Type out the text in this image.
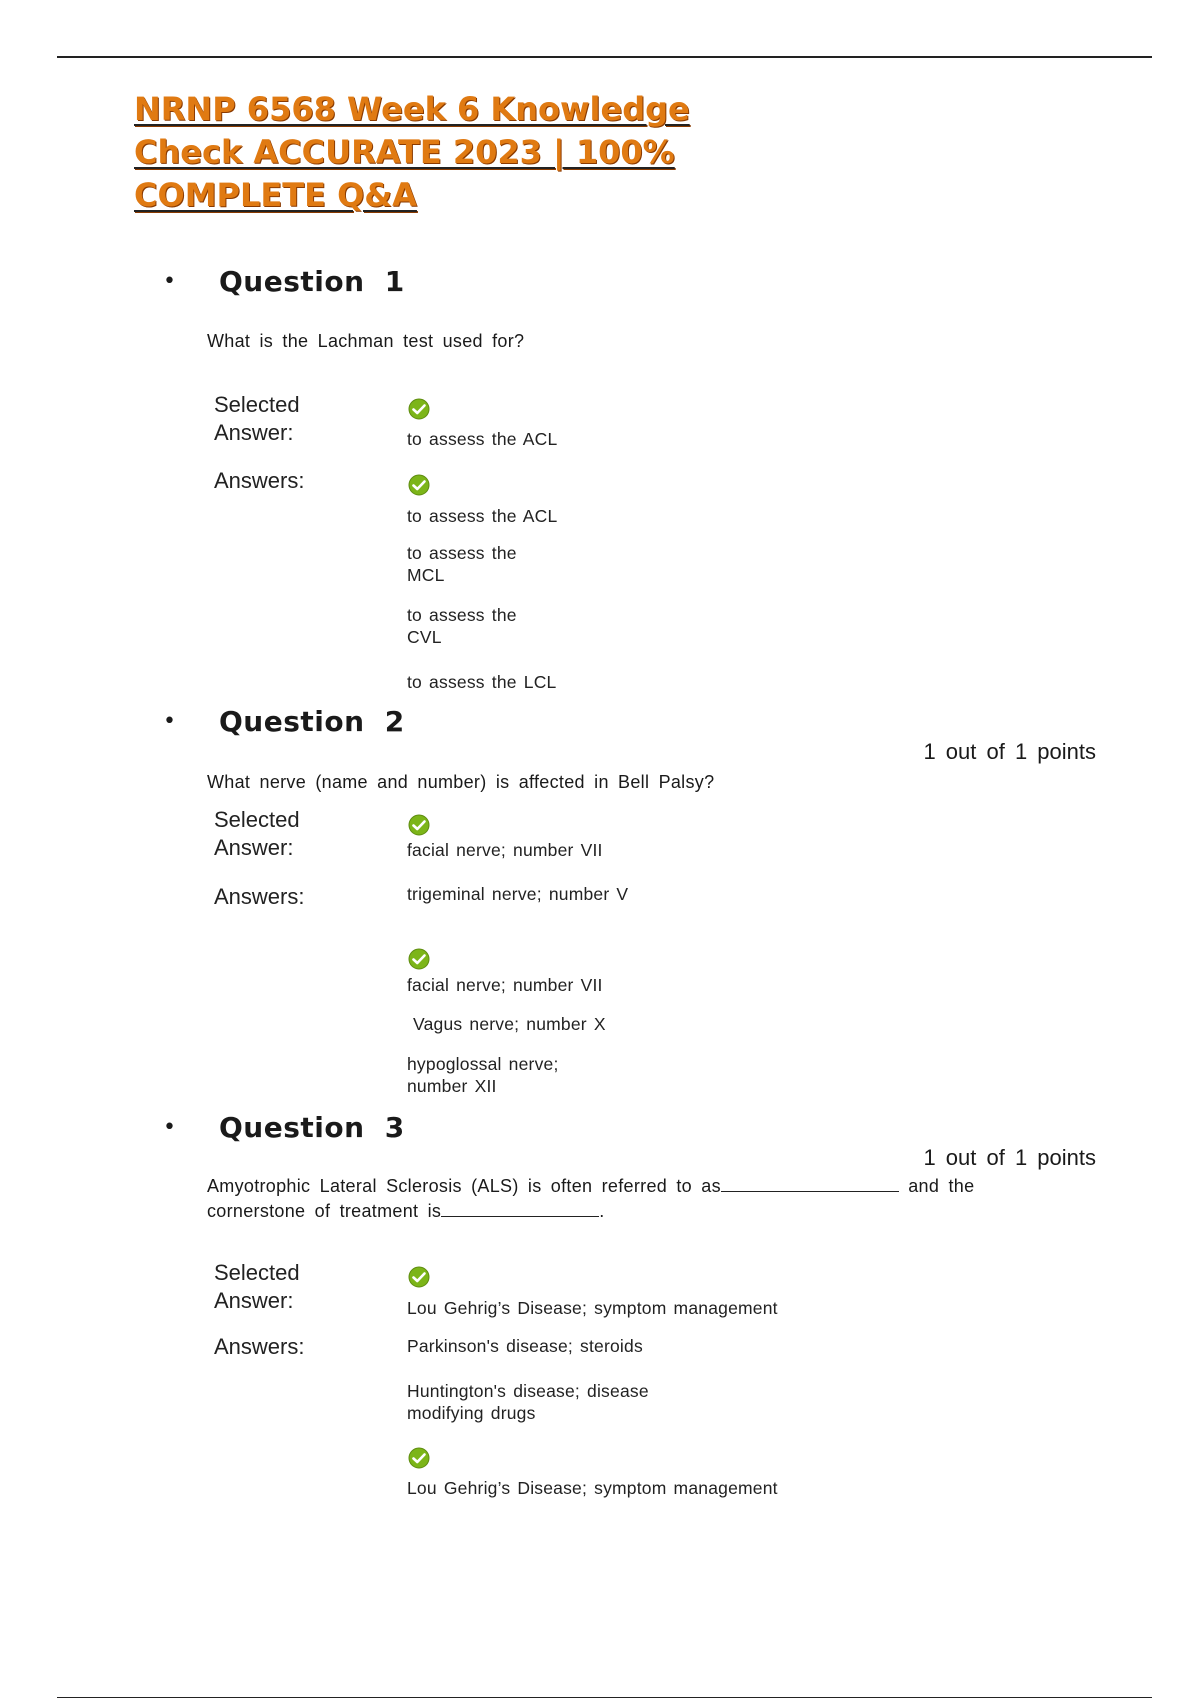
NRNP 6568 Week 6 Knowledge Check ACCURATE 2023 | 100% COMPLETE Q&A
•	Question 1
What is the Lachman test used for?
Selected Answer:	to assess the ACL
Answers:
to assess the ACL
to assess the MCL
to assess the CVL
to assess the LCL
•	Question 2
1 out of 1 points
What nerve (name and number) is affected in Bell Palsy?
Selected Answer:	facial nerve; number VII
Answers:	trigeminal nerve; number V
facial nerve; number VII
Vagus nerve; number X
hypoglossal nerve; number XII
•	Question 3
1 out of 1 points
Amyotrophic Lateral Sclerosis (ALS) is often referred to as	and the
cornerstone of treatment is	.
Selected Answer:	Lou Gehrig’s Disease; symptom management
Answers:	Parkinson's disease; steroids
Huntington's disease; disease modifying drugs
Lou Gehrig’s Disease; symptom management
